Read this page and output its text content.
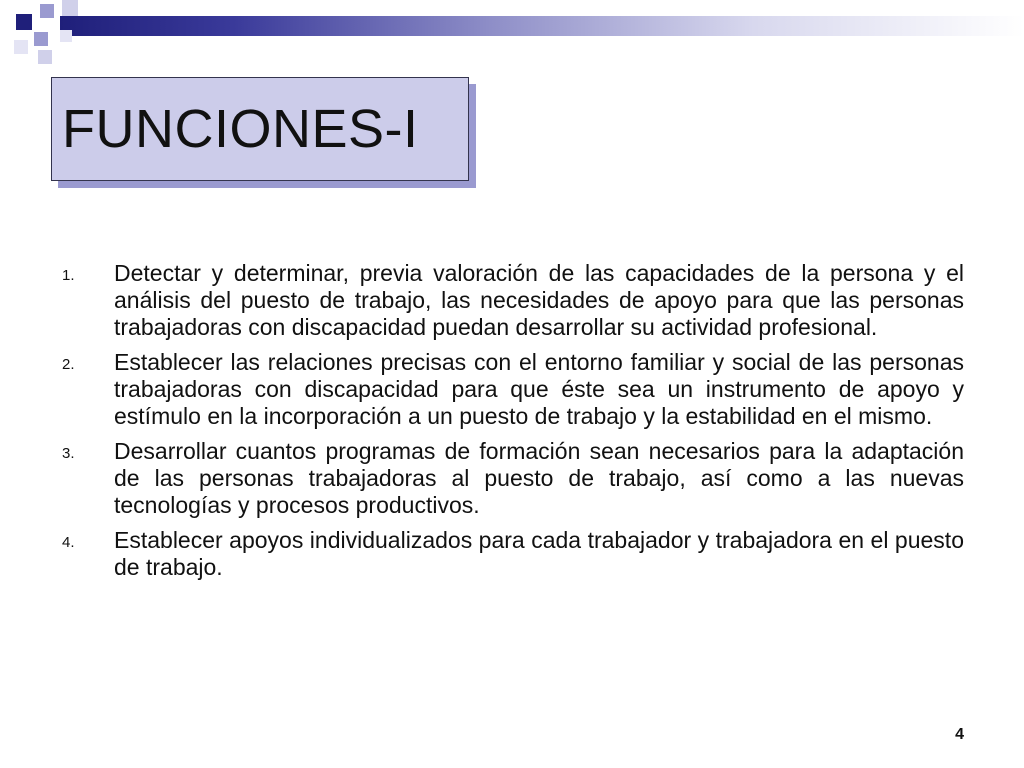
FUNCIONES-I
1.	Detectar y determinar, previa valoración de las capacidades de la persona y el análisis del puesto de trabajo, las necesidades de apoyo para que las personas trabajadoras con discapacidad puedan desarrollar su actividad profesional.
2.	Establecer las relaciones precisas con el entorno familiar y social de las personas trabajadoras con discapacidad para que éste sea un instrumento de apoyo y estímulo en la incorporación a un puesto de trabajo y la estabilidad en el mismo.
3.	Desarrollar cuantos programas de formación sean necesarios para la adaptación de las personas trabajadoras al puesto de trabajo, así como a las nuevas tecnologías y procesos productivos.
4.	Establecer apoyos individualizados para cada trabajador y trabajadora en el puesto de trabajo.
4
